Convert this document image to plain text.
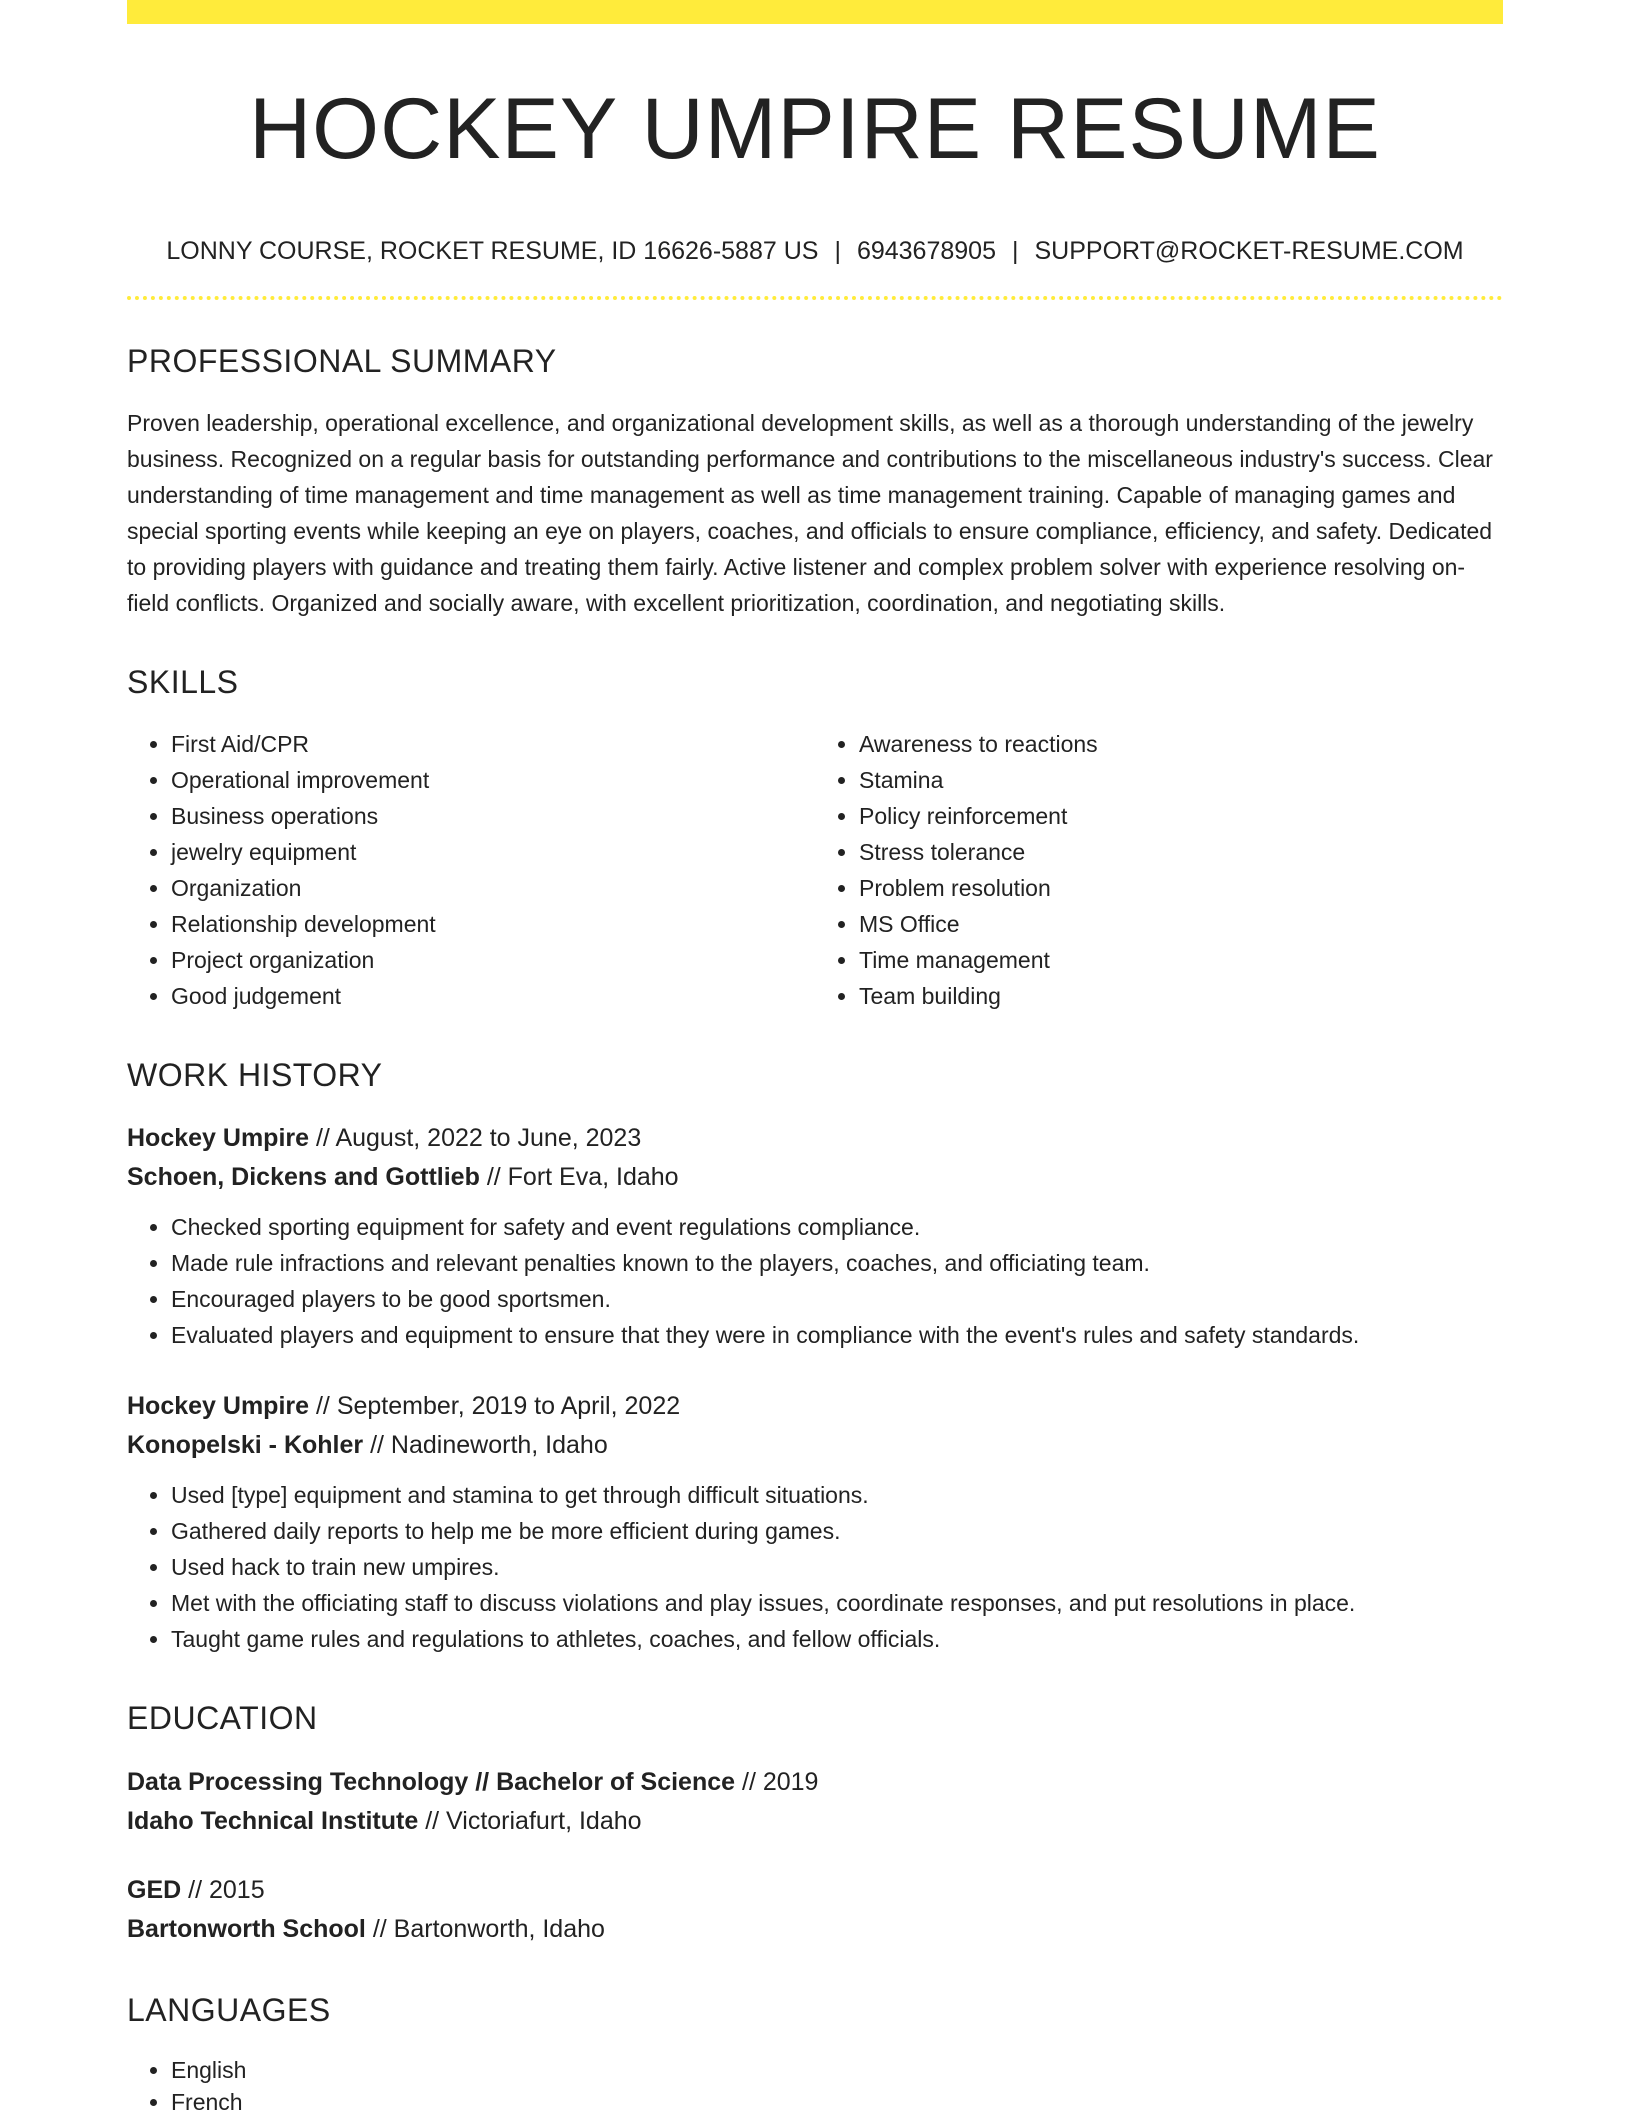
HOCKEY UMPIRE RESUME
LONNY COURSE, ROCKET RESUME, ID 16626-5887 US | 6943678905 | SUPPORT@ROCKET-RESUME.COM
PROFESSIONAL SUMMARY

Proven leadership, operational excellence, and organizational development skills, as well as a thorough understanding of the jewelry business. Recognized on a regular basis for outstanding performance and contributions to the miscellaneous industry's success. Clear understanding of time management and time management as well as time management training. Capable of managing games and special sporting events while keeping an eye on players, coaches, and officials to ensure compliance, efficiency, and safety. Dedicated to providing players with guidance and treating them fairly. Active listener and complex problem solver with experience resolving on-field conflicts. Organized and socially aware, with excellent prioritization, coordination, and negotiating skills.

SKILLS
• First Aid/CPR
• Operational improvement
• Business operations
• jewelry equipment
• Organization
• Relationship development
• Project organization
• Good judgement
• Awareness to reactions
• Stamina
• Policy reinforcement
• Stress tolerance
• Problem resolution
• MS Office
• Time management
• Team building
WORK HISTORY
Hockey Umpire // August, 2022 to June, 2023
Schoen, Dickens and Gottlieb // Fort Eva, Idaho
• Checked sporting equipment for safety and event regulations compliance.
• Made rule infractions and relevant penalties known to the players, coaches, and officiating team.
• Encouraged players to be good sportsmen.
• Evaluated players and equipment to ensure that they were in compliance with the event's rules and safety standards.
Hockey Umpire // September, 2019 to April, 2022
Konopelski - Kohler // Nadineworth, Idaho
• Used [type] equipment and stamina to get through difficult situations.
• Gathered daily reports to help me be more efficient during games.
• Used hack to train new umpires.
• Met with the officiating staff to discuss violations and play issues, coordinate responses, and put resolutions in place.
• Taught game rules and regulations to athletes, coaches, and fellow officials.
EDUCATION
Data Processing Technology // Bachelor of Science // 2019
Idaho Technical Institute // Victoriafurt, Idaho
GED // 2015
Bartonworth School // Bartonworth, Idaho
LANGUAGES
• English
• French
